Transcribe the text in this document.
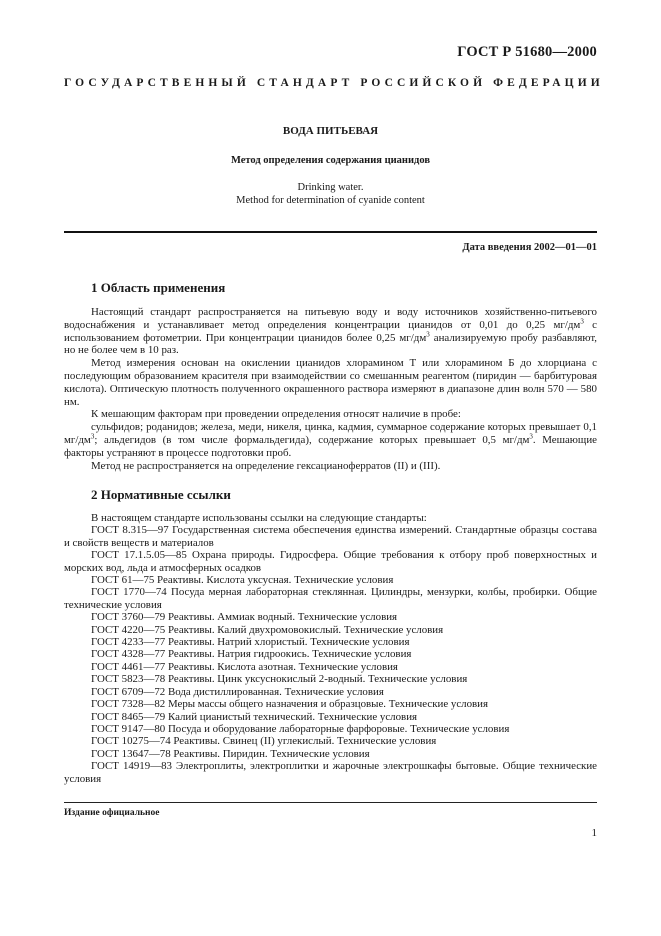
ГОСТ Р 51680—2000
ГОСУДАРСТВЕННЫЙ СТАНДАРТ РОССИЙСКОЙ ФЕДЕРАЦИИ
ВОДА ПИТЬЕВАЯ
Метод определения содержания цианидов
Drinking water.
Method for determination of cyanide content
Дата введения 2002—01—01
1 Область применения

Настоящий стандарт распространяется на питьевую воду и воду источников хозяйственно-питьевого водоснабжения и устанавливает метод определения концентрации цианидов от 0,01 до 0,25 $мг/дм^3$ с использованием фотометрии. При концентрации цианидов более 0,25 $мг/дм^3$ анализируемую пробу разбавляют, но не более чем в 10 раз.

Метод измерения основан на окислении цианидов хлорамином Т или хлорамином Б до хлорциана с последующим образованием красителя при взаимодействии со смешанным реагентом (пиридин — барбитуровая кислота). Оптическую плотность полученного окрашенного раствора измеряют в диапазоне длин волн 570 — 580 нм.

К мешающим факторам при проведении определения относят наличие в пробе:

сульфидов; роданидов; железа, меди, никеля, цинка, кадмия, суммарное содержание которых превышает 0,1 $мг/дм^3$; альдегидов (в том числе формальдегида), содержание которых превышает 0,5 $мг/дм^3$. Мешающие факторы устраняют в процессе подготовки проб.

Метод не распространяется на определение гексацианоферратов (II) и (III).

2 Нормативные ссылки

В настоящем стандарте использованы ссылки на следующие стандарты:

ГОСТ 8.315—97 Государственная система обеспечения единства измерений. Стандартные образцы состава и свойств веществ и материалов

ГОСТ 17.1.5.05—85 Охрана природы. Гидросфера. Общие требования к отбору проб поверхностных и морских вод, льда и атмосферных осадков

ГОСТ 61—75 Реактивы. Кислота уксусная. Технические условия

ГОСТ 1770—74 Посуда мерная лабораторная стеклянная. Цилиндры, мензурки, колбы, пробирки. Общие технические условия

ГОСТ 3760—79 Реактивы. Аммиак водный. Технические условия

ГОСТ 4220—75 Реактивы. Калий двухромовокислый. Технические условия

ГОСТ 4233—77 Реактивы. Натрий хлористый. Технические условия

ГОСТ 4328—77 Реактивы. Натрия гидроокись. Технические условия

ГОСТ 4461—77 Реактивы. Кислота азотная. Технические условия

ГОСТ 5823—78 Реактивы. Цинк уксуснокислый 2-водный. Технические условия

ГОСТ 6709—72 Вода дистиллированная. Технические условия

ГОСТ 7328—82 Меры массы общего назначения и образцовые. Технические условия

ГОСТ 8465—79 Калий цианистый технический. Технические условия

ГОСТ 9147—80 Посуда и оборудование лабораторные фарфоровые. Технические условия

ГОСТ 10275—74 Реактивы. Свинец (II) углекислый. Технические условия

ГОСТ 13647—78 Реактивы. Пиридин. Технические условия

ГОСТ 14919—83 Электроплиты, электроплитки и жарочные электрошкафы бытовые. Общие технические условия

Издание официальное
1
